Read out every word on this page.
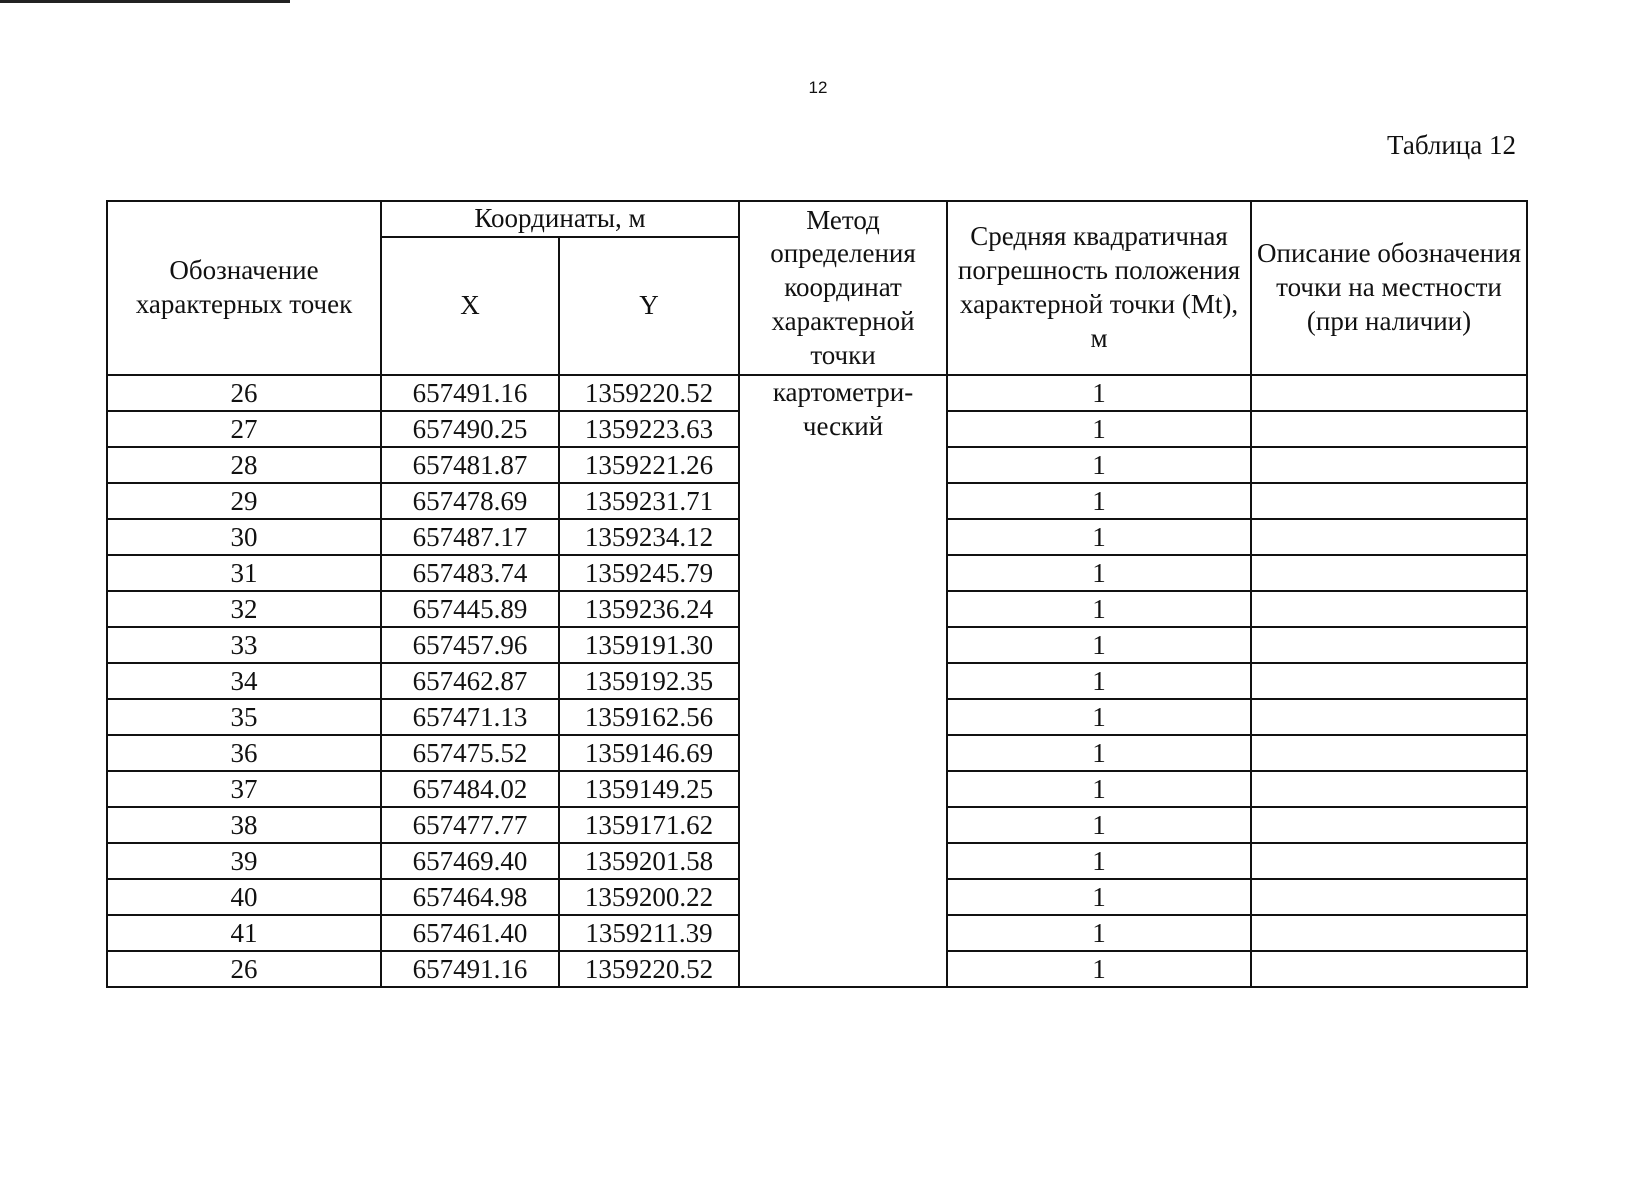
12
Таблица 12
Обозначение характерных точек	Координаты, м		Метод определения координат характерной точки	Средняя квадратичная погрешность положения характерной точки (Mt), м	Описание обозначения точки на местности (при наличии)
	X	Y			
26	657491.16	1359220.52	картометри-ческий	1	
27	657490.25	1359223.63		1	
28	657481.87	1359221.26		1	
29	657478.69	1359231.71		1	
30	657487.17	1359234.12		1	
31	657483.74	1359245.79		1	
32	657445.89	1359236.24		1	
33	657457.96	1359191.30		1	
34	657462.87	1359192.35		1	
35	657471.13	1359162.56		1	
36	657475.52	1359146.69		1	
37	657484.02	1359149.25		1	
38	657477.77	1359171.62		1	
39	657469.40	1359201.58		1	
40	657464.98	1359200.22		1	
41	657461.40	1359211.39		1	
26	657491.16	1359220.52		1	
